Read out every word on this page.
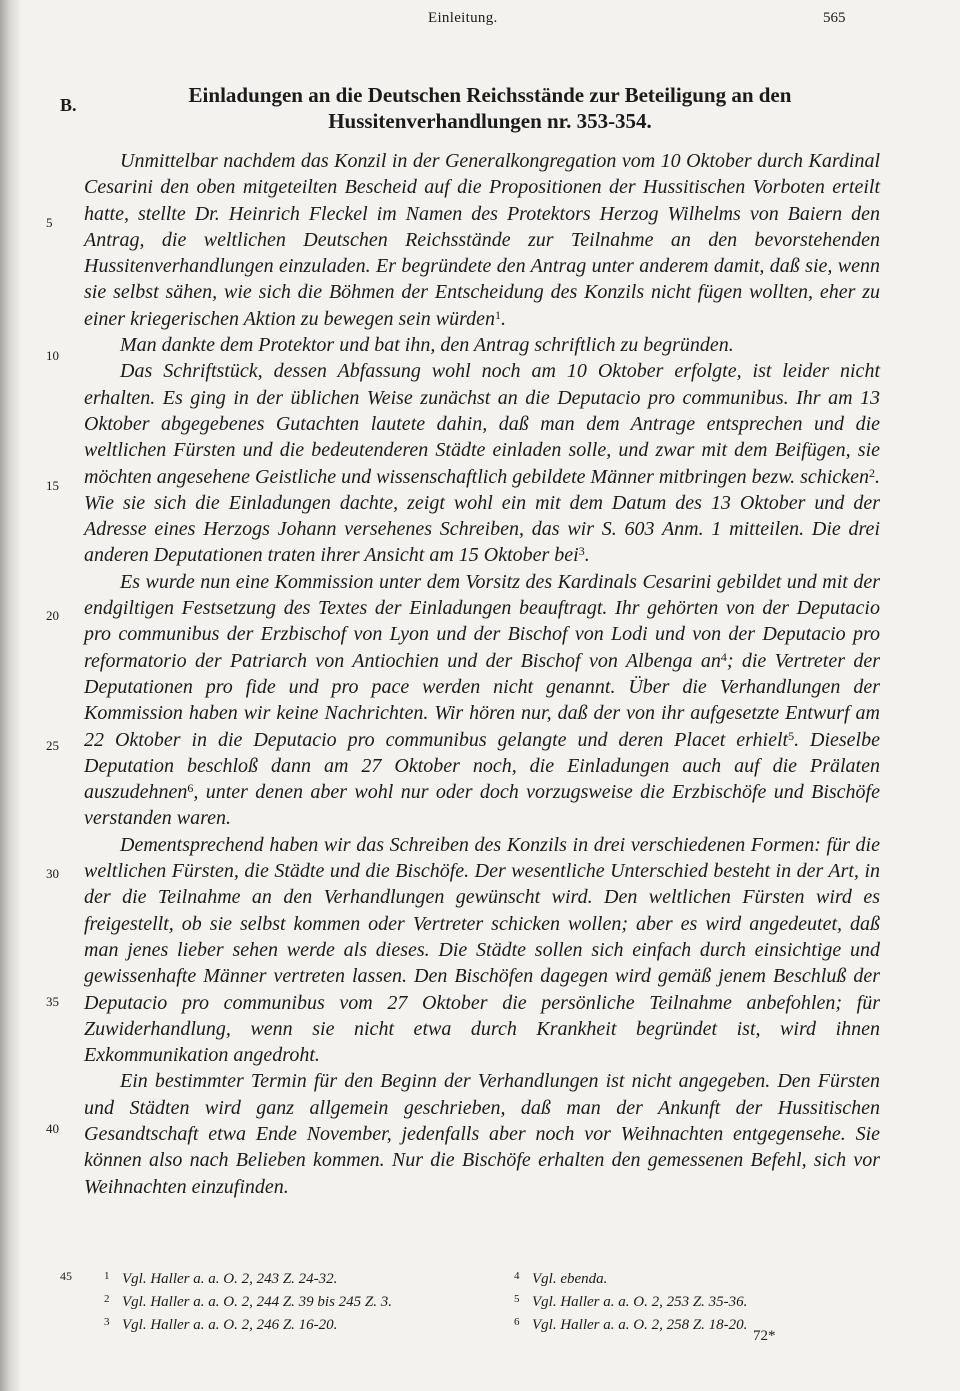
Einleitung.	565
B.	Einladungen an die Deutschen Reichsstände zur Beteiligung an den Hussitenverhandlungen nr. 353-354.
5
10
15
20
25
30
35
40

Unmittelbar nachdem das Konzil in der Generalkongregation vom 10 Oktober durch Kardinal Cesarini den oben mitgeteilten Bescheid auf die Propositionen der Hussitischen Vorboten erteilt hatte, stellte Dr. Heinrich Fleckel im Namen des Protektors Herzog Wilhelms von Baiern den Antrag, die weltlichen Deutschen Reichsstände zur Teilnahme an den bevorstehenden Hussitenverhandlungen einzuladen. Er begründete den Antrag unter anderem damit, daß sie, wenn sie selbst sähen, wie sich die Böhmen der Entscheidung des Konzils nicht fügen wollten, eher zu einer kriegerischen Aktion zu bewegen sein würden$^1$.

Man dankte dem Protektor und bat ihn, den Antrag schriftlich zu begründen.

Das Schriftstück, dessen Abfassung wohl noch am 10 Oktober erfolgte, ist leider nicht erhalten. Es ging in der üblichen Weise zunächst an die Deputacio pro communibus. Ihr am 13 Oktober abgegebenes Gutachten lautete dahin, daß man dem Antrage entsprechen und die weltlichen Fürsten und die bedeutenderen Städte einladen solle, und zwar mit dem Beifügen, sie möchten angesehene Geistliche und wissenschaftlich gebildete Männer mitbringen bezw. schicken$^2$. Wie sie sich die Einladungen dachte, zeigt wohl ein mit dem Datum des 13 Oktober und der Adresse eines Herzogs Johann versehenes Schreiben, das wir S. 603 Anm. 1 mitteilen. Die drei anderen Deputationen traten ihrer Ansicht am 15 Oktober bei$^3$.

Es wurde nun eine Kommission unter dem Vorsitz des Kardinals Cesarini gebildet und mit der endgiltigen Festsetzung des Textes der Einladungen beauftragt. Ihr gehörten von der Deputacio pro communibus der Erzbischof von Lyon und der Bischof von Lodi und von der Deputacio pro reformatorio der Patriarch von Antiochien und der Bischof von Albenga $an^4$; die Vertreter der Deputationen pro fide und pro pace werden nicht genannt. Über die Verhandlungen der Kommission haben wir keine Nachrichten. Wir hören nur, daß der von ihr aufgesetzte Entwurf am 22 Oktober in die Deputacio pro communibus gelangte und deren Placet erhielt$^5$. Dieselbe Deputation beschloß dann am 27 Oktober noch, die Einladungen auch auf die Prälaten auszudehnen$^6$, unter denen aber wohl nur oder doch vorzugsweise die Erzbischöfe und Bischöfe verstanden waren.

Dementsprechend haben wir das Schreiben des Konzils in drei verschiedenen Formen: für die weltlichen Fürsten, die Städte und die Bischöfe. Der wesentliche Unterschied besteht in der Art, in der die Teilnahme an den Verhandlungen gewünscht wird. Den weltlichen Fürsten wird es freigestellt, ob sie selbst kommen oder Vertreter schicken wollen; aber es wird angedeutet, daß man jenes lieber sehen werde als dieses. Die Städte sollen sich einfach durch einsichtige und gewissenhafte Männer vertreten lassen. Den Bischöfen dagegen wird gemäß jenem Beschluß der Deputacio pro communibus vom 27 Oktober die persönliche Teilnahme anbefohlen; für Zuwiderhandlung, wenn sie nicht etwa durch Krankheit begründet ist, wird ihnen Exkommunikation angedroht.

Ein bestimmter Termin für den Beginn der Verhandlungen ist nicht angegeben. Den Fürsten und Städten wird ganz allgemein geschrieben, daß man der Ankunft der Hussitischen Gesandtschaft etwa Ende November, jedenfalls aber noch vor Weihnachten entgegensehe. Sie können also nach Belieben kommen. Nur die Bischöfe erhalten den gemessenen Befehl, sich vor Weihnachten einzufinden.

45	1 Vgl. Haller a. a. O. 2, 243 Z. 24-32.
2 Vgl. Haller a. a. O. 2, 244 Z. 39 bis 245 Z. 3.
3 Vgl. Haller a. a. O. 2, 246 Z. 16-20.
4 Vgl. ebenda.
5 Vgl. Haller a. a. O. 2, 253 Z. 35-36.
6 Vgl. Haller a. a. O. 2, 258 Z. 18-20.
72*
